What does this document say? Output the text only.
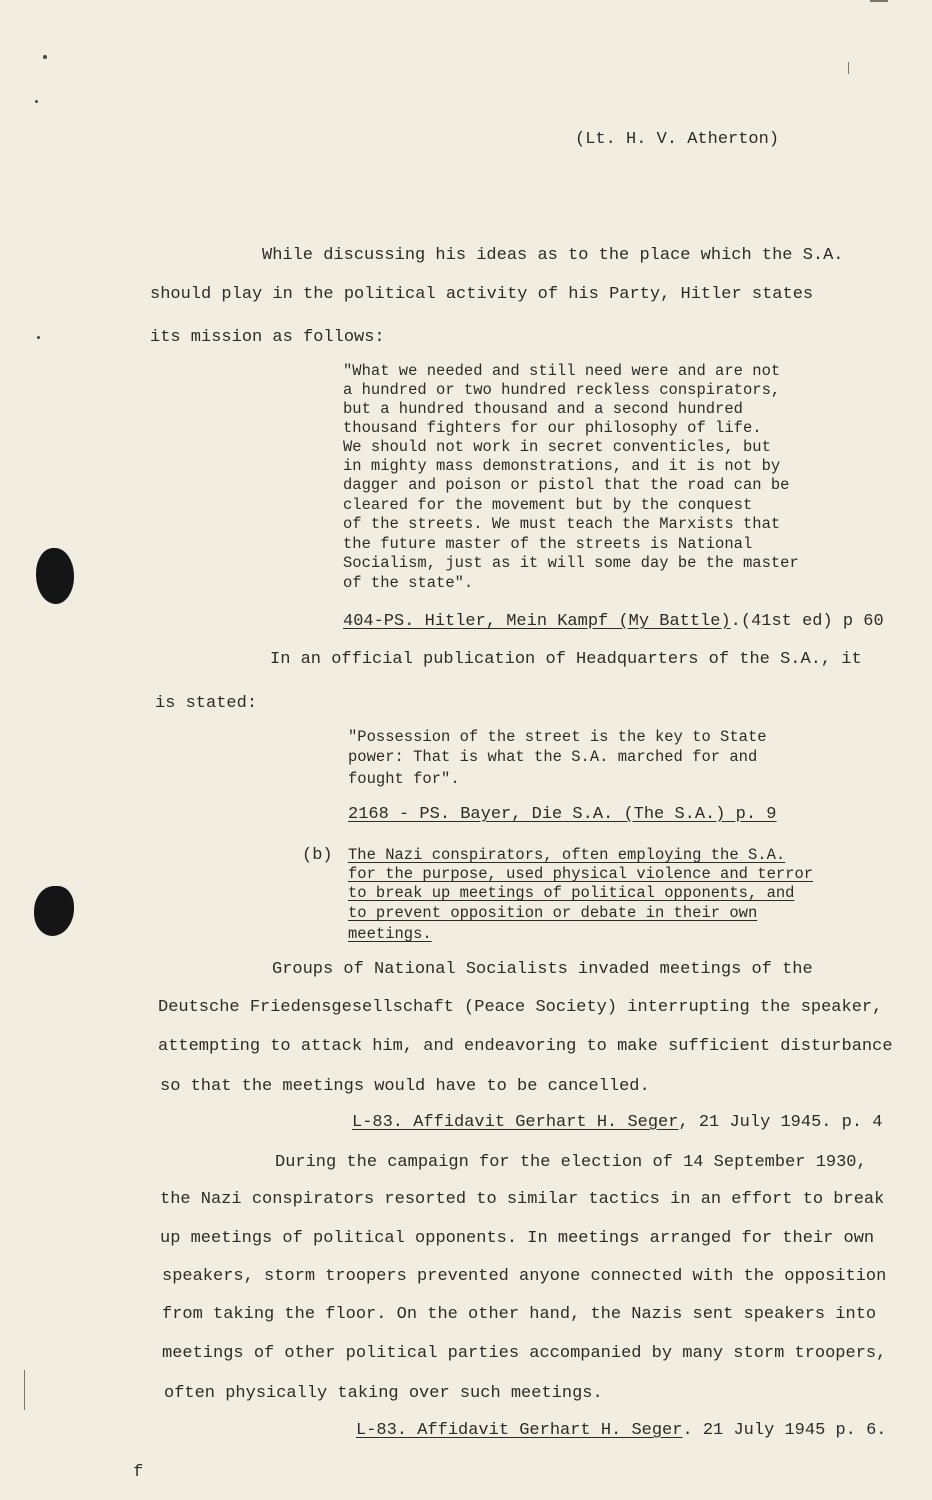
(Lt. H. V. Atherton)
While discussing his ideas as to the place which the S.A.
should play in the political activity of his Party, Hitler states
its mission as follows:
"What we needed and still need were and are not
a hundred or two hundred reckless conspirators,
but a hundred thousand and a second hundred
thousand fighters for our philosophy of life.
We should not work in secret conventicles, but
in mighty mass demonstrations, and it is not by
dagger and poison or pistol that the road can be
cleared for the movement but by the conquest
of the streets. We must teach the Marxists that
the future master of the streets is National
Socialism, just as it will some day be the master
of the state".
404-PS. Hitler, Mein Kampf (My Battle).(41st ed) p 60
In an official publication of Headquarters of the S.A., it
is stated:
"Possession of the street is the key to State
power: That is what the S.A. marched for and
fought for".
2168 - PS. Bayer, Die S.A. (The S.A.) p. 9
(b) The Nazi conspirators, often employing the S.A.
for the purpose, used physical violence and terror
to break up meetings of political opponents, and
to prevent opposition or debate in their own
meetings.
Groups of National Socialists invaded meetings of the
Deutsche Friedensgesellschaft (Peace Society) interrupting the speaker,
attempting to attack him, and endeavoring to make sufficient disturbance
so that the meetings would have to be cancelled.
L-83. Affidavit Gerhart H. Seger, 21 July 1945. p. 4
During the campaign for the election of 14 September 1930,
the Nazi conspirators resorted to similar tactics in an effort to break
up meetings of political opponents. In meetings arranged for their own
speakers, storm troopers prevented anyone connected with the opposition
from taking the floor. On the other hand, the Nazis sent speakers into
meetings of other political parties accompanied by many storm troopers,
often physically taking over such meetings.
L-83. Affidavit Gerhart H. Seger. 21 July 1945 p. 6.
f
